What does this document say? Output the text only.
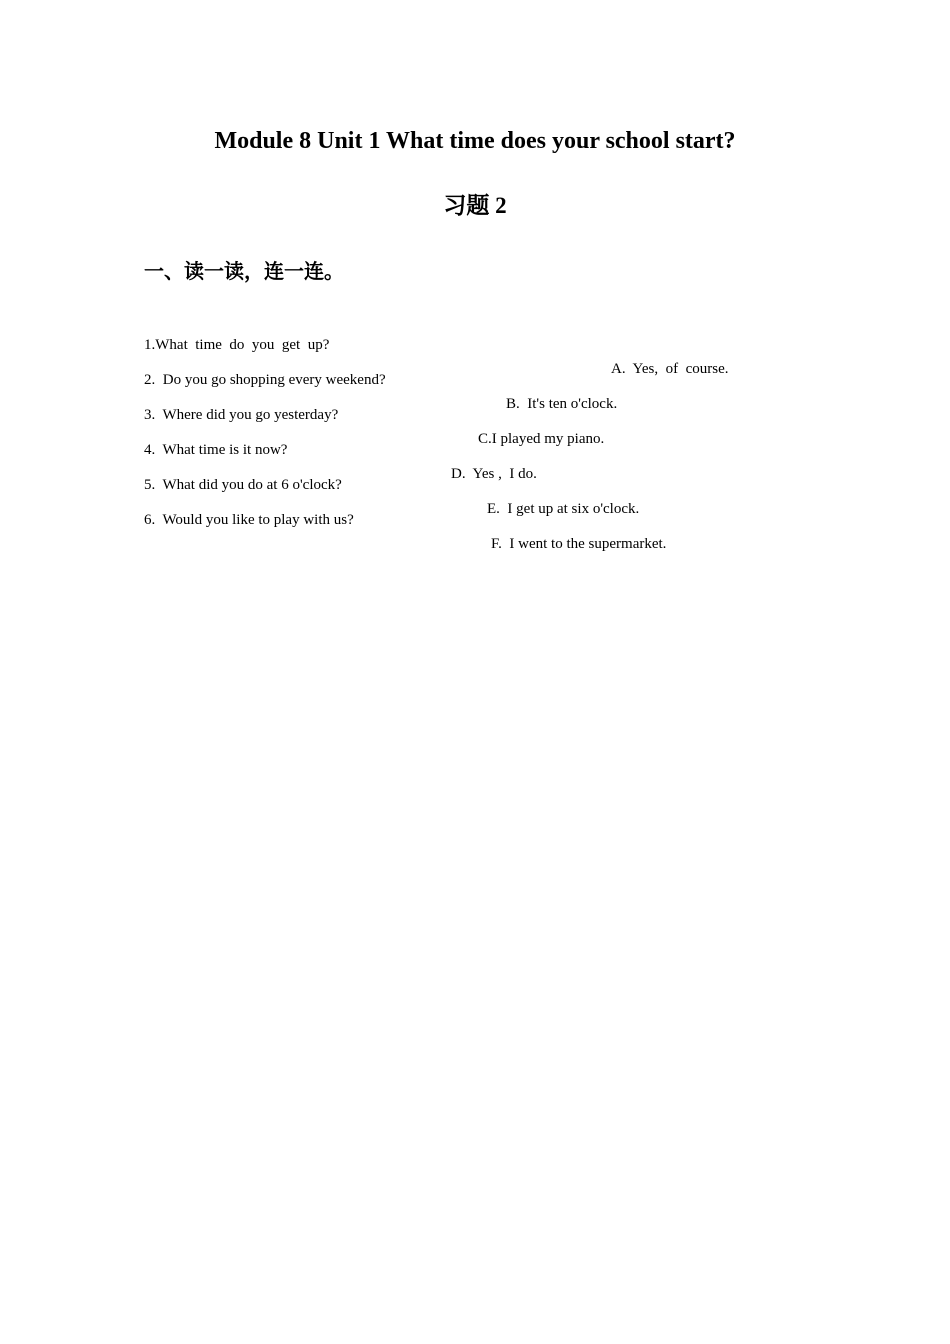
Module 8 Unit 1 What time does your school start?
习题 2
一、读一读，连一连。

1.What  time  do  you  get  up?

A.  Yes,  of  course.

2.  Do you go shopping every weekend?

B.  It's ten o'clock.

3.  Where did you go yesterday?

C.I played my piano.

4.  What time is it now?

D.  Yes ,  I do.

5.  What did you do at 6 o'clock?

E.  I get up at six o'clock.

6.  Would you like to play with us?

F.  I went to the supermarket.
